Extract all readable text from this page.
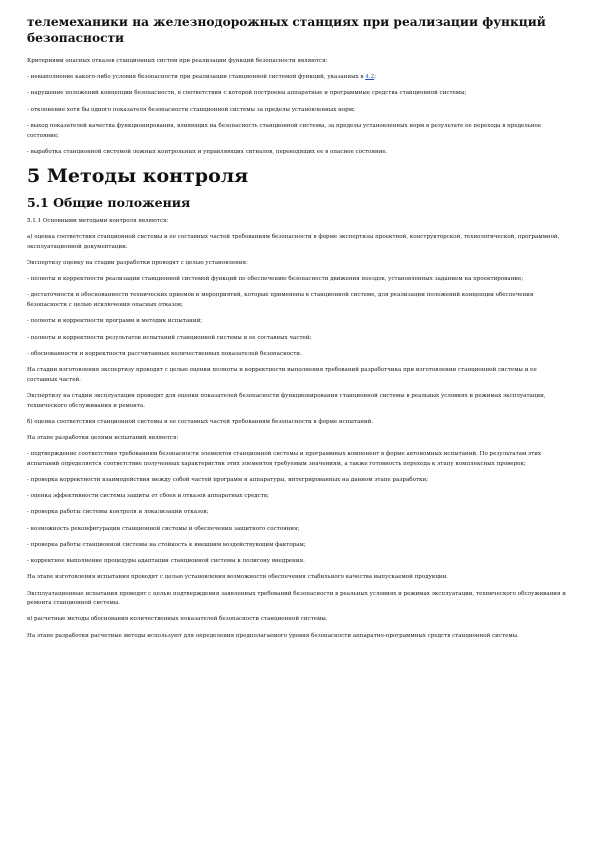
телемеханики на железнодорожных станциях при реализации функций безопасности
Критериями опасных отказов станционных систем при реализации функций безопасности являются:
- невыполнение какого-либо условия безопасности при реализации станционной системой функций, указанных в 4.2;
- нарушение положений концепции безопасности, в соответствии с которой построены аппаратные и программные средства станционной системы;
- отклонение хотя бы одного показателя безопасности станционной системы за пределы установленных норм;
- выход показателей качества функционирования, влияющих на безопасность станционной системы, за пределы установленных норм в результате ее перехода в предельное состояние;
- выработка станционной системой ложных контрольных и управляющих сигналов, переводящих ее в опасное состояние.
5 Методы контроля
5.1 Общие положения
5.1.1 Основными методами контроля являются:
а) оценка соответствия станционной системы и ее составных частей требованиям безопасности в форме экспертизы проектной, конструкторской, технологической, программной, эксплуатационной документации.
Экспертизу оценку на стадии разработки проводят с целью установления:
- полноты и корректности реализации станционной системой функций по обеспечению безопасности движения поездов, установленных заданием на проектирование;
- достаточности и обоснованности технических приемов и мероприятий, которые применены в станционной системе, для реализации положений концепции обеспечения безопасности с целью исключения опасных отказов;
- полноты и корректности программ и методик испытаний;
- полноты и корректности результатов испытаний станционной системы и ее составных частей;
- обоснованности и корректности рассчитанных количественных показателей безопасности.
На стадии изготовления экспертизу проводят с целью оценки полноты и корректности выполнения требований разработчика при изготовлении станционной системы и ее составных частей.
Экспертизу на стадии эксплуатации проводят для оценки показателей безопасности функционирования станционной системы в реальных условиях и режимах эксплуатации, технического обслуживания и ремонта.
б) оценка соответствия станционной системы и ее составных частей требованиям безопасности в форме испытаний.
На этапе разработки целями испытаний являются:
- подтверждение соответствия требованиям безопасности элементов станционной системы и программных компонент в форме автономных испытаний. По результатам этих испытаний определяется соответствие полученных характеристик этих элементов требуемым значениям, а также готовность перехода к этапу комплексных проверок;
- проверка корректности взаимодействия между собой частей программ и аппаратуры, интегрированных на данном этапе разработки;
- оценка эффективности системы защиты от сбоев и отказов аппаратных средств;
- проверка работы системы контроля и локализации отказов;
- возможность реконфигурации станционной системы и обеспечения защитного состояния;
- проверка работы станционной системы на стойкость к внешним воздействующим факторам;
- корректное выполнение процедуры адаптации станционной системы к полигону внедрения.
На этапе изготовления испытания проводят с целью установления возможности обеспечения стабильного качества выпускаемой продукции.
Эксплуатационные испытания проводят с целью подтверждения заявленных требований безопасности в реальных условиях и режимах эксплуатации, технического обслуживания и ремонта станционной системы.
в) расчетные методы обоснования количественных показателей безопасности станционной системы.
На этапе разработки расчетные методы используют для определения предполагаемого уровня безопасности аппаратно-программных средств станционной системы.
